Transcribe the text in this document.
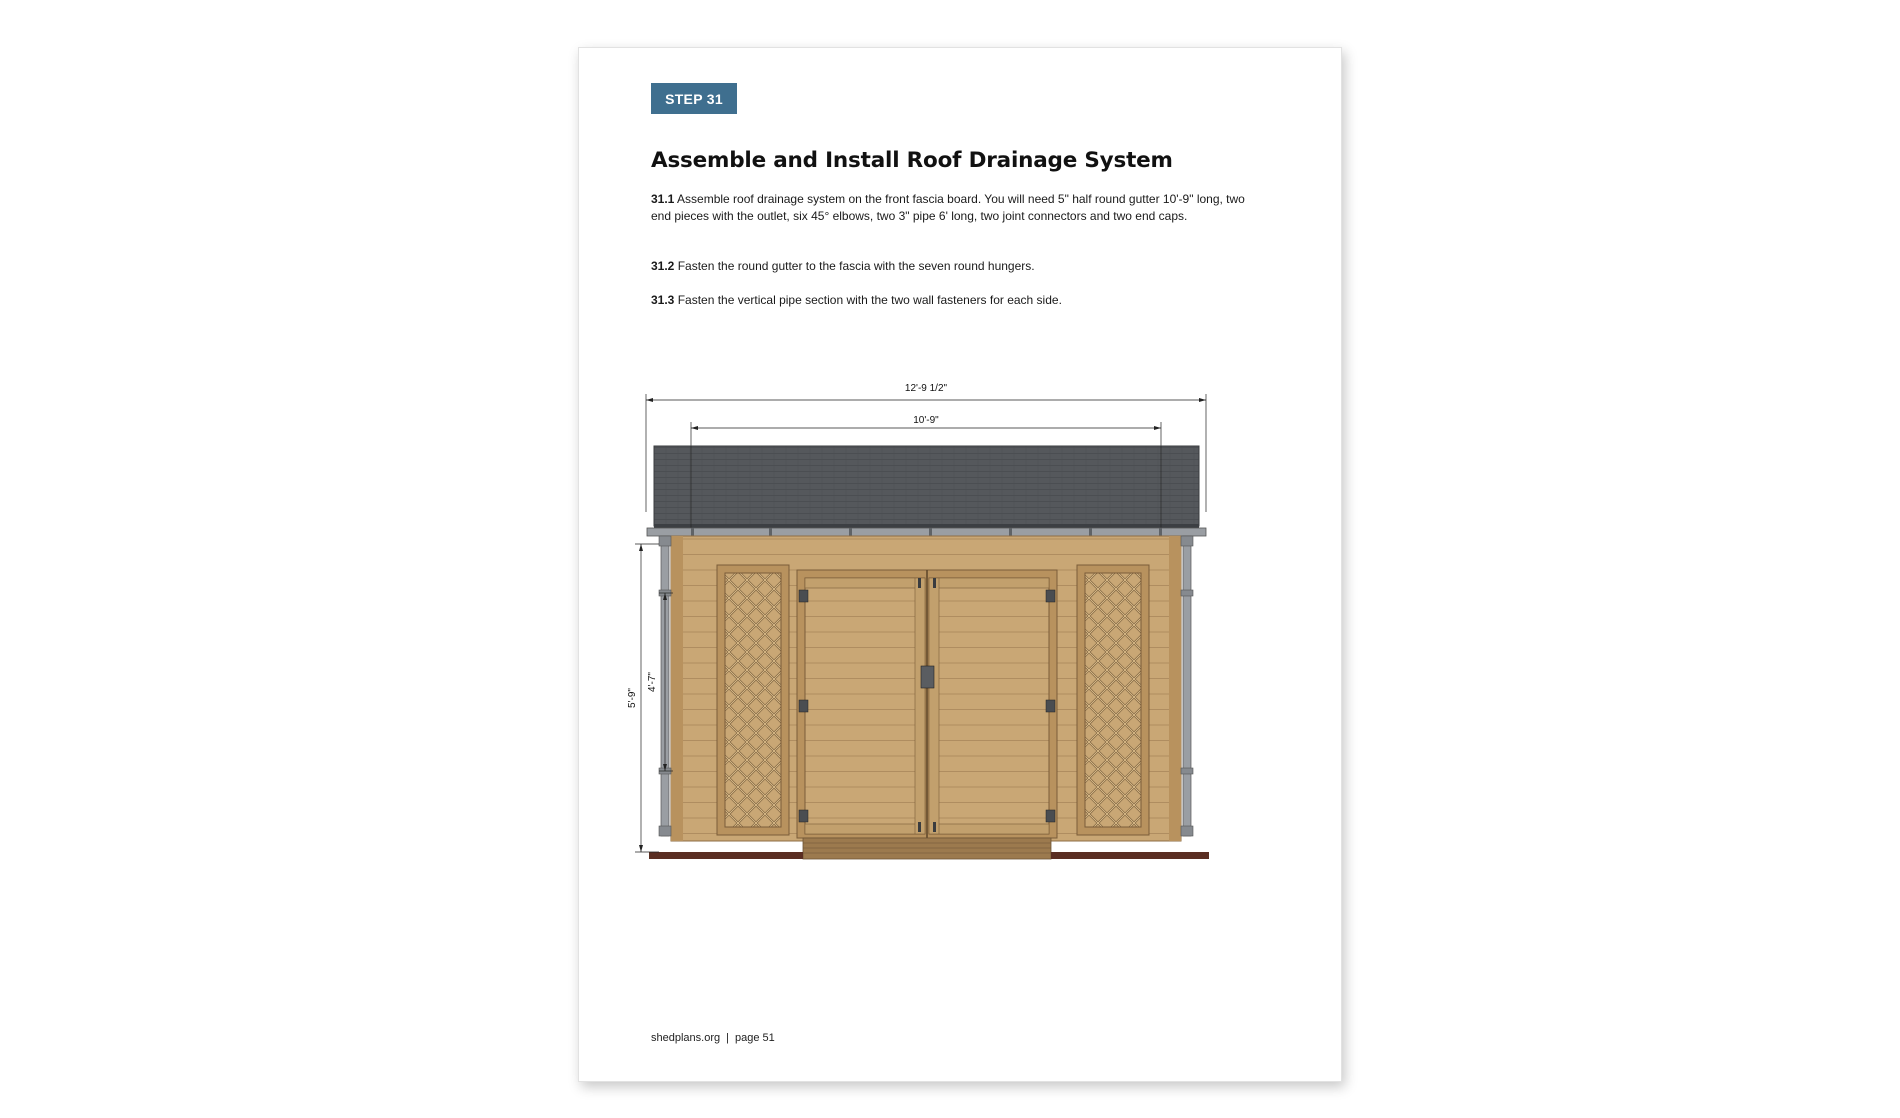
STEP 31
Assemble and Install Roof Drainage System

31.1 Assemble roof drainage system on the front fascia board. You will need 5" half round gutter 10'-9" long, two end pieces with the outlet, six 45° elbows, two 3" pipe 6' long, two joint connectors and two end caps.

31.2 Fasten the round gutter to the fascia with the seven round hungers.

31.3 Fasten the vertical pipe section with the two wall fasteners for each side.

12'-9 1/2"
10'-9"
5'-9"
4'-7"
shedplans.org | page 51
